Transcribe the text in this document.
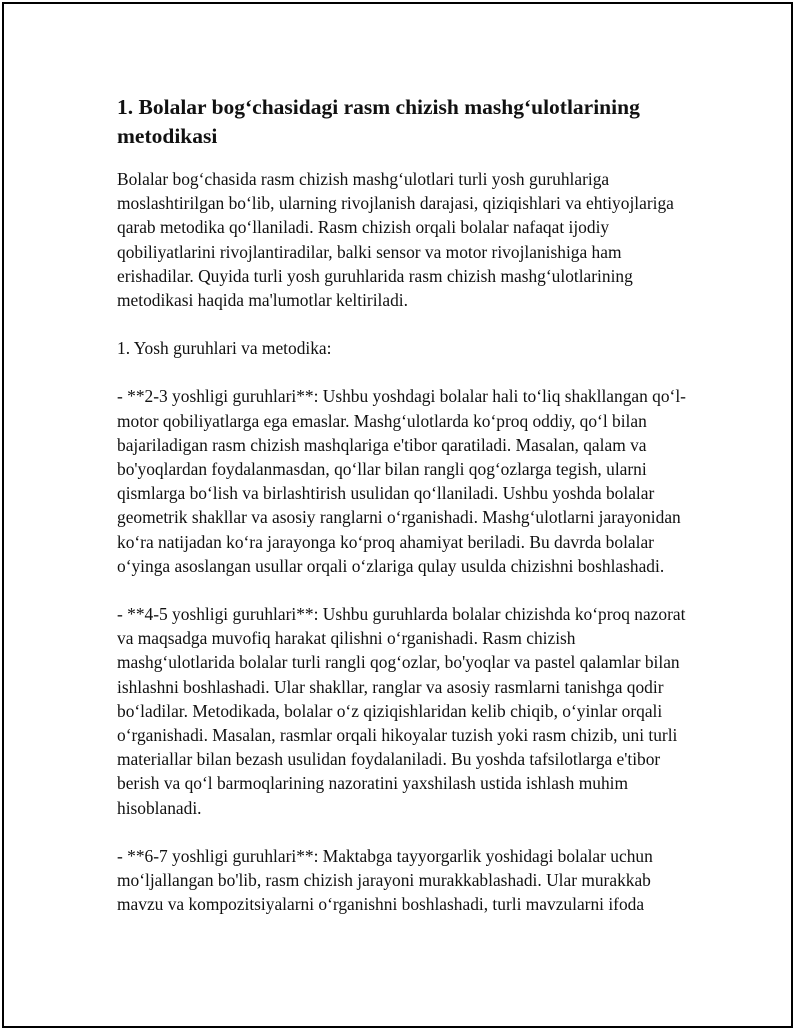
1. Bolalar bog‘chasidagi rasm chizish mashg‘ulotlarining metodikasi

Bolalar bog‘chasida rasm chizish mashg‘ulotlari turli yosh guruhlariga moslashtirilgan bo‘lib, ularning rivojlanish darajasi, qiziqishlari va ehtiyojlariga qarab metodika qo‘llaniladi. Rasm chizish orqali bolalar nafaqat ijodiy qobiliyatlarini rivojlantiradilar, balki sensor va motor rivojlanishiga ham erishadilar. Quyida turli yosh guruhlarida rasm chizish mashg‘ulotlarining metodikasi haqida ma'lumotlar keltiriladi.

1. Yosh guruhlari va metodika:

- **2-3 yoshligi guruhlari**: Ushbu yoshdagi bolalar hali to‘liq shakllangan qo‘l-motor qobiliyatlarga ega emaslar. Mashg‘ulotlarda ko‘proq oddiy, qo‘l bilan bajariladigan rasm chizish mashqlariga e'tibor qaratiladi. Masalan, qalam va bo'yoqlardan foydalanmasdan, qo‘llar bilan rangli qog‘ozlarga tegish, ularni qismlarga bo‘lish va birlashtirish usulidan qo‘llaniladi. Ushbu yoshda bolalar geometrik shakllar va asosiy ranglarni o‘rganishadi. Mashg‘ulotlarni jarayonidan ko‘ra natijadan ko‘ra jarayonga ko‘proq ahamiyat beriladi. Bu davrda bolalar o‘yinga asoslangan usullar orqali o‘zlariga qulay usulda chizishni boshlashadi.

- **4-5 yoshligi guruhlari**: Ushbu guruhlarda bolalar chizishda ko‘proq nazorat va maqsadga muvofiq harakat qilishni o‘rganishadi. Rasm chizish mashg‘ulotlarida bolalar turli rangli qog‘ozlar, bo'yoqlar va pastel qalamlar bilan ishlashni boshlashadi. Ular shakllar, ranglar va asosiy rasmlarni tanishga qodir bo‘ladilar. Metodikada, bolalar o‘z qiziqishlaridan kelib chiqib, o‘yinlar orqali o‘rganishadi. Masalan, rasmlar orqali hikoyalar tuzish yoki rasm chizib, uni turli materiallar bilan bezash usulidan foydalaniladi. Bu yoshda tafsilotlarga e'tibor berish va qo‘l barmoqlarining nazoratini yaxshilash ustida ishlash muhim hisoblanadi.

- **6-7 yoshligi guruhlari**: Maktabga tayyorgarlik yoshidagi bolalar uchun mo‘ljallangan bo'lib, rasm chizish jarayoni murakkablashadi. Ular murakkab mavzu va kompozitsiyalarni o‘rganishni boshlashadi, turli mavzularni ifoda
